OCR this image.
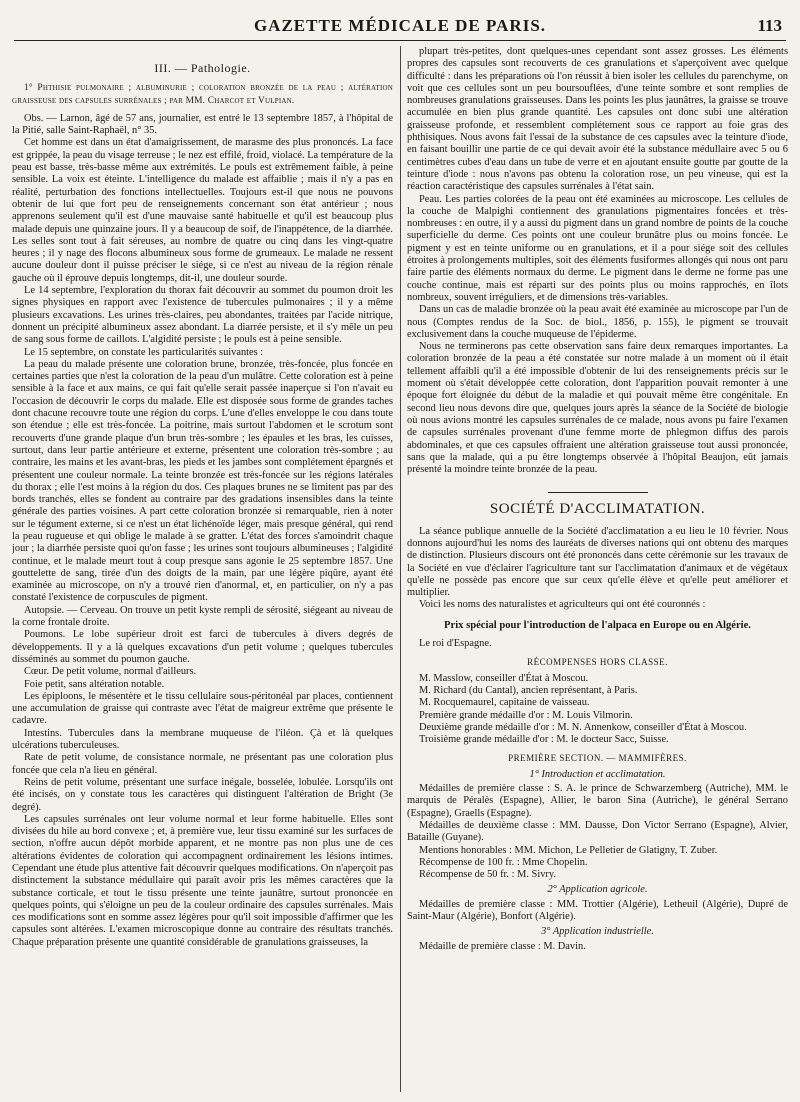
GAZETTE MÉDICALE DE PARIS.	113

III. — Pathologie.

1° Phthisie pulmonaire ; albuminurie ; coloration bronzée de la peau ; altération graisseuse des capsules surrénales ; par MM. Charcot et Vulpian.

Obs. — Larnon, âgé de 57 ans, journalier, est entré le 13 septembre 1857, à l'hôpital de la Pitié, salle Saint-Raphaël, n° 35.

Cet homme est dans un état d'amaigrissement, de marasme des plus prononcés. La face est grippée, la peau du visage terreuse ; le nez est effilé, froid, violacé. La température de la peau est basse, très-basse même aux extrémités. Le pouls est extrêmement faible, à peine sensible. La voix est éteinte. L'intelligence du malade est affaiblie ; mais il n'y a pas en réalité, perturbation des fonctions intellectuelles. Toujours est-il que nous ne pouvons obtenir de lui que fort peu de renseignements concernant son état antérieur ; nous apprenons seulement qu'il est d'une mauvaise santé habituelle et qu'il est beaucoup plus malade depuis une quinzaine jours. Il y a beaucoup de soif, de l'inappétence, de la diarrhée. Les selles sont tout à fait séreuses, au nombre de quatre ou cinq dans les vingt-quatre heures ; il y nage des flocons albumineux sous forme de grumeaux. Le malade ne ressent aucune douleur dont il puisse préciser le siége, si ce n'est au niveau de la région rénale gauche où il éprouve depuis longtemps, dit-il, une douleur sourde.

Le 14 septembre, l'exploration du thorax fait découvrir au sommet du poumon droit les signes physiques en rapport avec l'existence de tubercules pulmonaires ; il y a même plusieurs excavations. Les urines très-claires, peu abondantes, traitées par l'acide nitrique, donnent un précipité albumineux assez abondant. La diarrée persiste, et il s'y mêle un peu de sang sous forme de caillots. L'algidité persiste ; le pouls est à peine sensible.

Le 15 septembre, on constate les particularités suivantes :

La peau du malade présente une coloration brune, bronzée, très-foncée, plus foncée en certaines parties que n'est la coloration de la peau d'un mulâtre. Cette coloration est à peine sensible à la face et aux mains, ce qui fait qu'elle serait passée inaperçue si l'on n'avait eu l'occasion de découvrir le corps du malade. Elle est disposée sous forme de grandes taches dont chacune recouvre toute une région du corps. L'une d'elles enveloppe le cou dans toute son étendue ; elle est très-foncée. La poitrine, mais surtout l'abdomen et le scrotum sont recouverts d'une grande plaque d'un brun très-sombre ; les épaules et les bras, les cuisses, surtout, dans leur partie antérieure et externe, présentent une coloration très-sombre ; au contraire, les mains et les avant-bras, les pieds et les jambes sont complétement épargnés et présentent une couleur normale. La teinte bronzée est très-foncée sur les régions latérales du thorax ; elle l'est moins à la région du dos. Ces plaques brunes ne se limitent pas par des bords tranchés, elles se fondent au contraire par des gradations insensibles dans la teinte générale des parties voisines. A part cette coloration bronzée si remarquable, rien à noter sur le tégument externe, si ce n'est un état lichénoïde léger, mais presque général, qui rend la peau rugueuse et qui oblige le malade à se gratter. L'état des forces s'amoindrit chaque jour ; la diarrhée persiste quoi qu'on fasse ; les urines sont toujours albumineuses ; l'algidité continue, et le malade meurt tout à coup presque sans agonie le 25 septembre 1857. Une gouttelette de sang, tirée d'un des doigts de la main, par une légère piqûre, ayant été examinée au microscope, on n'y a trouvé rien d'anormal, et, en particulier, on n'y a pas constaté l'existence de corpuscules de pigment.

Autopsie. — Cerveau. On trouve un petit kyste rempli de sérosité, siégeant au niveau de la corne frontale droite.

Poumons. Le lobe supérieur droit est farci de tubercules à divers degrés de développements. Il y a là quelques excavations d'un petit volume ; quelques tubercules disséminés au sommet du poumon gauche.

Cœur. De petit volume, normal d'ailleurs.

Foie petit, sans altération notable.

Les épiploons, le mésentère et le tissu cellulaire sous-péritonéal par places, contiennent une accumulation de graisse qui contraste avec l'état de maigreur extrême que présente le cadavre.

Intestins. Tubercules dans la membrane muqueuse de l'iléon. Çà et là quelques ulcérations tuberculeuses.

Rate de petit volume, de consistance normale, ne présentant pas une coloration plus foncée que cela n'a lieu en général.

Reins de petit volume, présentant une surface inégale, bosselée, lobulée. Lorsqu'ils ont été incisés, on y constate tous les caractères qui distinguent l'altération de Bright (3e degré).

Les capsules surrénales ont leur volume normal et leur forme habituelle. Elles sont divisées du hile au bord convexe ; et, à première vue, leur tissu examiné sur les surfaces de section, n'offre aucun dépôt morbide apparent, et ne montre pas non plus une de ces altérations évidentes de coloration qui accompagnent ordinairement les lésions intimes. Cependant une étude plus attentive fait découvrir quelques modifications. On n'aperçoit pas distinctement la substance médullaire qui paraît avoir pris les mêmes caractères que la substance corticale, et tout le tissu présente une teinte jaunâtre, surtout prononcée en quelques points, qui s'éloigne un peu de la couleur ordinaire des capsules surrénales. Mais ces modifications sont en somme assez légères pour qu'il soit impossible d'affirmer que les capsules sont altérées. L'examen microscopique donne au contraire des résultats tranchés. Chaque préparation présente une quantité considérable de granulations graisseuses, la

plupart très-petites, dont quelques-unes cependant sont assez grosses. Les éléments propres des capsules sont recouverts de ces granulations et s'aperçoivent avec quelque difficulté : dans les préparations où l'on réussit à bien isoler les cellules du parenchyme, on voit que ces cellules sont un peu boursouflées, d'une teinte sombre et sont remplies de nombreuses granulations graisseuses. Dans les points les plus jaunâtres, la graisse se trouve accumulée en bien plus grande quantité. Les capsules ont donc subi une altération graisseuse profonde, et ressemblent complétement sous ce rapport au foie gras des phthisiques. Nous avons fait l'essai de la substance de ces capsules avec la teinture d'iode, en faisant bouillir une partie de ce qui devait avoir été la substance médullaire avec 5 ou 6 centimètres cubes d'eau dans un tube de verre et en ajoutant ensuite goutte par goutte de la teinture d'iode : nous n'avons pas obtenu la coloration rose, un peu vineuse, qui est la réaction caractéristique des capsules surrénales à l'état sain.

Peau. Les parties colorées de la peau ont été examinées au microscope. Les cellules de la couche de Malpighi contiennent des granulations pigmentaires foncées et très-nombreuses : en outre, il y a aussi du pigment dans un grand nombre de points de la couche superficielle du derme. Ces points ont une couleur brunâtre plus ou moins foncée. Le pigment y est en teinte uniforme ou en granulations, et il a pour siége soit des cellules étroites à prolongements multiples, soit des éléments fusiformes allongés qui nous ont paru faire partie des éléments normaux du derme. Le pigment dans le derme ne forme pas une couche continue, mais est réparti sur des points plus ou moins rapprochés, en îlots nombreux, souvent irréguliers, et de dimensions très-variables.

Dans un cas de maladie bronzée où la peau avait été examinée au microscope par l'un de nous (Comptes rendus de la Soc. de biol., 1856, p. 155), le pigment se trouvait exclusivement dans la couche muqueuse de l'épiderme.

Nous ne terminerons pas cette observation sans faire deux remarques importantes. La coloration bronzée de la peau a été constatée sur notre malade à un moment où il était tellement affaibli qu'il a été impossible d'obtenir de lui des renseignements précis sur le moment où s'était développée cette coloration, dont l'apparition pouvait remonter à une époque fort éloignée du début de la maladie et qui pouvait même être congénitale. En second lieu nous devons dire que, quelques jours après la séance de la Société de biologie où nous avions montré les capsules surrénales de ce malade, nous avons pu faire l'examen de capsules surrénales provenant d'une femme morte de phlegmon diffus des parois abdominales, et que ces capsules offraient une altération graisseuse tout aussi prononcée, sans que la malade, qui a pu être longtemps observée à l'hôpital Beaujon, eût jamais présenté la moindre teinte bronzée de la peau.

SOCIÉTÉ D'ACCLIMATATION.

La séance publique annuelle de la Société d'acclimatation a eu lieu le 10 février. Nous donnons aujourd'hui les noms des lauréats de diverses nations qui ont obtenu des marques de distinction. Plusieurs discours ont été prononcés dans cette cérémonie sur les travaux de la Société en vue d'éclairer l'agriculture tant sur l'acclimatation d'animaux et de végétaux qu'elle ne possède pas encore que sur ceux qu'elle élève et qu'elle peut améliorer et multiplier.

Voici les noms des naturalistes et agriculteurs qui ont été couronnés :

Prix spécial pour l'introduction de l'alpaca en Europe ou en Algérie.

Le roi d'Espagne.

RÉCOMPENSES HORS CLASSE.

M. Masslow, conseiller d'État à Moscou.

M. Richard (du Cantal), ancien représentant, à Paris.

M. Rocquemaurel, capitaine de vaisseau.

Première grande médaille d'or : M. Louis Vilmorin.

Deuxième grande médaille d'or : M. N. Annenkow, conseiller d'État à Moscou.

Troisième grande médaille d'or : M. le docteur Sacc, Suisse.

PREMIÈRE SECTION. — MAMMIFÈRES.

1° Introduction et acclimatation.

Médailles de première classe : S. A. le prince de Schwarzemberg (Autriche), MM. le marquis de Péralès (Espagne), Allier, le baron Sina (Autriche), le général Serrano (Espagne), Graells (Espagne).

Médailles de deuxième classe : MM. Dausse, Don Victor Serrano (Espagne), Alvier, Bataille (Guyane).

Mentions honorables : MM. Michon, Le Pelletier de Glatigny, T. Zuber.

Récompense de 100 fr. : Mme Chopelin.

Récompense de 50 fr. : M. Sivry.

2° Application agricole.

Médailles de première classe : MM. Trottier (Algérie), Letheuil (Algérie), Dupré de Saint-Maur (Algérie), Bonfort (Algérie).

3° Application industrielle.

Médaille de première classe : M. Davin.
